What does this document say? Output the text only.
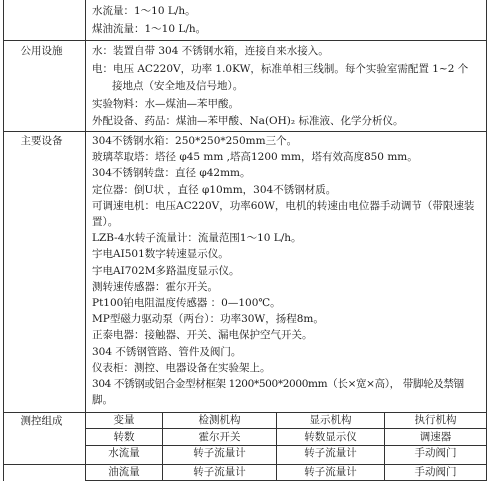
水流量：1～10 L/h。
煤油流量：1～10 L/h。
公用设施	水：装置自带 304 不锈钢水箱，连接自来水接入。
电：电压 AC220V，功率 1.0KW，标准单相三线制。每个实验室需配置 1~2 个
接地点（安全地及信号地）。
实验物料：水—煤油—苯甲酸。
外配设备、药品：煤油—苯甲酸、Na(OH)₂ 标准液、化学分析仪。
主要设备	304不锈钢水箱：250*250*250mm三个。
玻璃萃取塔：塔径 φ45 mm ,塔高1200 mm，塔有效高度850 mm。
304不锈钢转盘：直径 φ42mm。
定位器：倒U状 ，直径 φ10mm，304不锈钢材质。
可调速电机：电压AC220V，功率60W，电机的转速由电位器手动调节（带限速装
置）。
LZB-4水转子流量计：流量范围1～10 L/h。
宇电AI501数字转速显示仪。
宇电AI702M多路温度显示仪。
测转速传感器：霍尔开关。
Pt100铂电阻温度传感器 ：0—100℃。
MP型磁力驱动泵（两台）：功率30W，扬程8m。
正泰电器：接触器、开关、漏电保护空气开关。
304 不锈钢管路、管件及阀门。
仪表柜：测控、电器设备在实验架上。
304 不锈钢或铝合金型材框架 1200*500*2000mm（长×宽×高）， 带脚轮及禁锢
脚。
测控组成	变量	检测机构	显示机构	执行机构
转数	霍尔开关	转数显示仪	调速器
水流量	转子流量计	转子流量计	手动阀门
油流量	转子流量计	转子流量计	手动阀门
